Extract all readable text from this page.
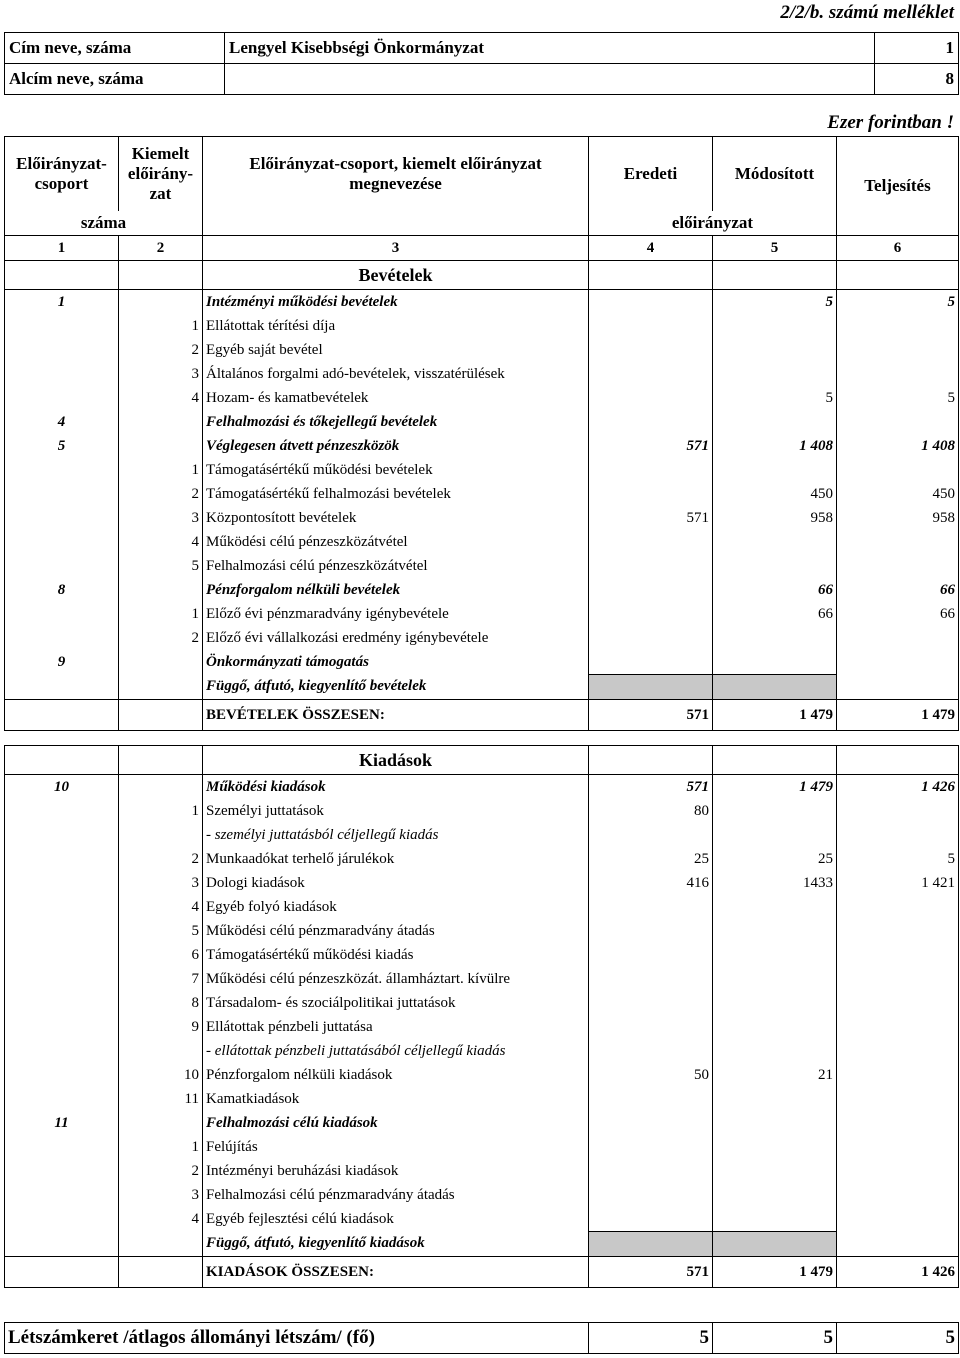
2/2/b. számú melléklet
Cím neve, száma	Lengyel Kisebbségi Önkormányzat	1
Alcím neve, száma		8
Ezer forintban !
Előirányzat-csoport	Kiemelt előirány-zat	Előirányzat-csoport, kiemelt előirányzat megnevezése	Eredeti	Módosított	Teljesítés
száma			előirányzat		
1	2	3	4	5	6
		Bevételek			
1		Intézményi működési bevételek		5	5
	1	Ellátottak térítési díja			
	2	Egyéb saját bevétel			
	3	Általános forgalmi adó-bevételek, visszatérülések			
	4	Hozam- és kamatbevételek		5	5
4		Felhalmozási és tőkejellegű bevételek			
5		Véglegesen átvett pénzeszközök	571	1 408	1 408
	1	Támogatásértékű működési bevételek			
	2	Támogatásértékű felhalmozási bevételek		450	450
	3	Központosított bevételek	571	958	958
	4	Működési célú pénzeszközátvétel			
	5	Felhalmozási célú pénzeszközátvétel			
8		Pénzforgalom nélküli bevételek		66	66
	1	Előző évi pénzmaradvány igénybevétele		66	66
	2	Előző évi vállalkozási eredmény igénybevétele			
9		Önkormányzati támogatás			
		Függő, átfutó, kiegyenlítő bevételek			
		BEVÉTELEK ÖSSZESEN:	571	1 479	1 479

		Kiadások			
10		Működési kiadások	571	1 479	1 426
	1	Személyi juttatások	80		
		- személyi juttatásból céljellegű kiadás			
	2	Munkaadókat terhelő járulékok	25	25	5
	3	Dologi kiadások	416	1433	1 421
	4	Egyéb folyó kiadások			
	5	Működési célú pénzmaradvány átadás			
	6	Támogatásértékű működési kiadás			
	7	Működési célú pénzeszközát. államháztart. kívülre			
	8	Társadalom- és szociálpolitikai juttatások			
	9	Ellátottak pénzbeli juttatása			
		- ellátottak pénzbeli juttatásából céljellegű kiadás			
	10	Pénzforgalom nélküli kiadások	50	21	
	11	Kamatkiadások			
11		Felhalmozási célú kiadások			
	1	Felújítás			
	2	Intézményi beruházási kiadások			
	3	Felhalmozási célú pénzmaradvány átadás			
	4	Egyéb fejlesztési célú kiadások			
		Függő, átfutó, kiegyenlítő kiadások			
		KIADÁSOK ÖSSZESEN:	571	1 479	1 426
Létszámkeret /átlagos állományi létszám/ (fő)	5	5	5
